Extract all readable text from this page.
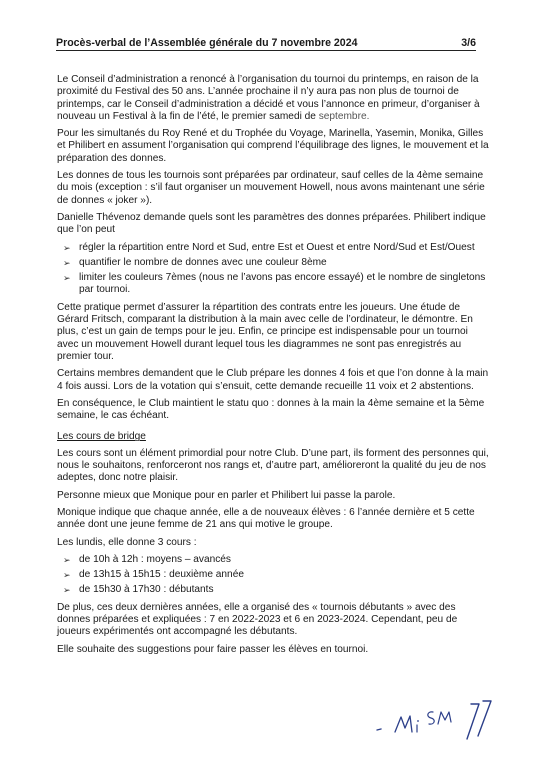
Procès-verbal de l’Assemblée générale du 7 novembre 2024	3/6

Le Conseil d’administration a renoncé à l’organisation du tournoi du printemps, en raison de la proximité du Festival des 50 ans. L’année prochaine il n’y aura pas non plus de tournoi de printemps, car le Conseil d’administration a décidé et vous l’annonce en primeur, d’organiser à nouveau un Festival à la fin de l’été, le premier samedi de septembre.

Pour les simultanés du Roy René et du Trophée du Voyage, Marinella, Yasemin, Monika, Gilles et Philibert en assument l’organisation qui comprend l’équilibrage des lignes, le mouvement et la préparation des donnes.

Les donnes de tous les tournois sont préparées par ordinateur, sauf celles de la 4ème semaine du mois (exception : s’il faut organiser un mouvement Howell, nous avons maintenant une série de donnes « joker »).

Danielle Thévenoz demande quels sont les paramètres des donnes préparées. Philibert indique que l’on peut

➢ régler la répartition entre Nord et Sud, entre Est et Ouest et entre Nord/Sud et Est/Ouest
➢ quantifier le nombre de donnes avec une couleur 8ème
➢ limiter les couleurs 7èmes (nous ne l’avons pas encore essayé) et le nombre de singletons par tournoi.

Cette pratique permet d’assurer la répartition des contrats entre les joueurs. Une étude de Gérard Fritsch, comparant la distribution à la main avec celle de l’ordinateur, le démontre. En plus, c’est un gain de temps pour le jeu. Enfin, ce principe est indispensable pour un tournoi avec un mouvement Howell durant lequel tous les diagrammes ne sont pas enregistrés au premier tour.

Certains membres demandent que le Club prépare les donnes 4 fois et que l’on donne à la main 4 fois aussi. Lors de la votation qui s’ensuit, cette demande recueille 11 voix et 2 abstentions.

En conséquence, le Club maintient le statu quo : donnes à la main la 4ème semaine et la 5ème semaine, le cas échéant.

Les cours de bridge

Les cours sont un élément primordial pour notre Club. D’une part, ils forment des personnes qui, nous le souhaitons, renforceront nos rangs et, d’autre part, amélioreront la qualité du jeu de nos adeptes, donc notre plaisir.

Personne mieux que Monique pour en parler et Philibert lui passe la parole.

Monique indique que chaque année, elle a de nouveaux élèves : 6 l’année dernière et 5 cette année dont une jeune femme de 21 ans qui motive le groupe.

Les lundis, elle donne 3 cours :

➢ de 10h à 12h : moyens – avancés
➢ de 13h15 à 15h15 : deuxième année
➢ de 15h30 à 17h30 : débutants

De plus, ces deux dernières années, elle a organisé des « tournois débutants » avec des donnes préparées et expliquées : 7 en 2022-2023 et 6 en 2023-2024. Cependant, peu de joueurs expérimentés ont accompagné les débutants.

Elle souhaite des suggestions pour faire passer les élèves en tournoi.
